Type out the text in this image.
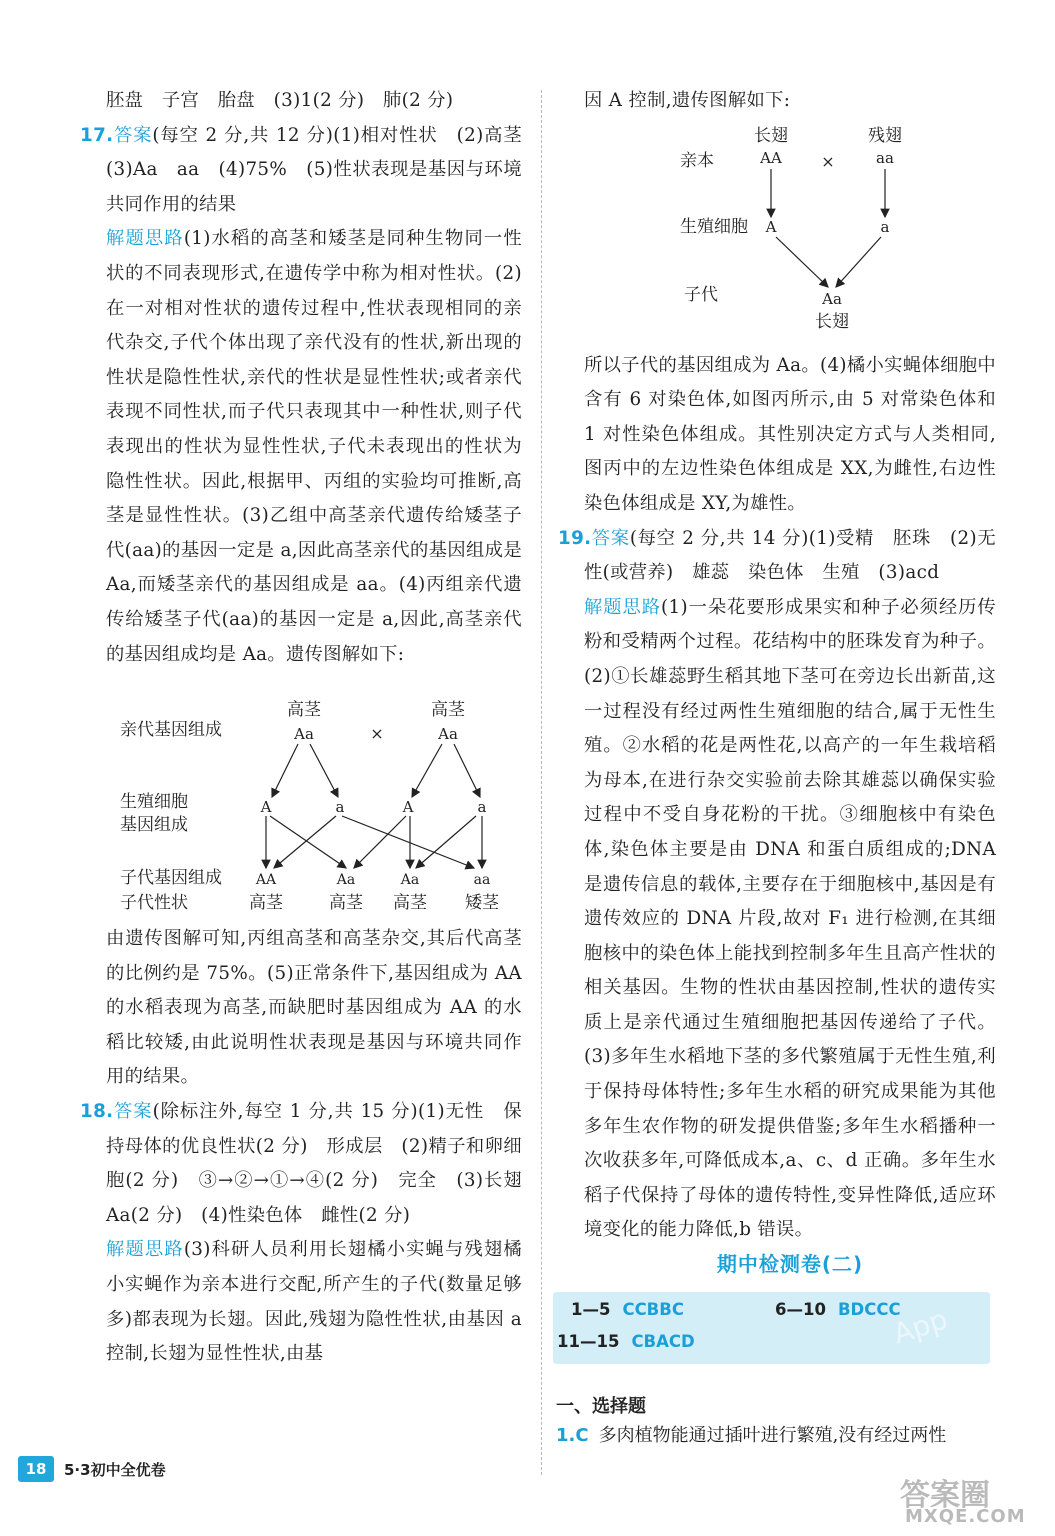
胚盘　子宫　胎盘　(3)1(2 分)　肺(2 分)

17.答案(每空 2 分,共 12 分)(1)相对性状　(2)高茎　(3)Aa　aa　(4)75%　(5)性状表现是基因与环境共同作用的结果

解题思路(1)水稻的高茎和矮茎是同种生物同一性状的不同表现形式,在遗传学中称为相对性状。(2)在一对相对性状的遗传过程中,性状表现相同的亲代杂交,子代个体出现了亲代没有的性状,新出现的性状是隐性性状,亲代的性状是显性性状;或者亲代表现不同性状,而子代只表现其中一种性状,则子代表现出的性状为显性性状,子代未表现出的性状为隐性性状。因此,根据甲、丙组的实验均可推断,高茎是显性性状。(3)乙组中高茎亲代遗传给矮茎子代(aa)的基因一定是 a,因此高茎亲代的基因组成是 Aa,而矮茎亲代的基因组成是 aa。(4)丙组亲代遗传给矮茎子代(aa)的基因一定是 a,因此,高茎亲代的基因组成均是 Aa。遗传图解如下:

亲代基因组成
生殖细胞
基因组成
子代基因组成
子代性状
高茎
Aa	×
高茎
Aa
A	a	A	a
AA	Aa	Aa	aa
高茎	高茎 高茎 矮茎

由遗传图解可知,丙组高茎和高茎杂交,其后代高茎的比例约是 75%。(5)正常条件下,基因组成为 AA 的水稻表现为高茎,而缺肥时基因组成为 AA 的水稻比较矮,由此说明性状表现是基因与环境共同作用的结果。

18.答案(除标注外,每空 1 分,共 15 分)(1)无性　保持母体的优良性状(2 分)　形成层　(2)精子和卵细胞(2 分)　③→②→①→④(2 分)　完全　(3)长翅　Aa(2 分)　(4)性染色体　雌性(2 分)

解题思路(3)科研人员利用长翅橘小实蝇与残翅橘小实蝇作为亲本进行交配,所产生的子代(数量足够多)都表现为长翅。因此,残翅为隐性性状,由基因 a 控制,长翅为显性性状,由基

因 A 控制,遗传图解如下:

亲本
生殖细胞
子代
长翅
AA ×
残翅
aa
A	a
Aa
长翅

所以子代的基因组成为 Aa。(4)橘小实蝇体细胞中含有 6 对染色体,如图丙所示,由 5 对常染色体和 1 对性染色体组成。其性别决定方式与人类相同,图丙中的左边性染色体组成是 XX,为雌性,右边性染色体组成是 XY,为雄性。

19.答案(每空 2 分,共 14 分)(1)受精　胚珠　(2)无性(或营养)　雄蕊　染色体　生殖　(3)acd

解题思路(1)一朵花要形成果实和种子必须经历传粉和受精两个过程。花结构中的胚珠发育为种子。(2)①长雄蕊野生稻其地下茎可在旁边长出新苗,这一过程没有经过两性生殖细胞的结合,属于无性生殖。②水稻的花是两性花,以高产的一年生栽培稻为母本,在进行杂交实验前去除其雄蕊以确保实验过程中不受自身花粉的干扰。③细胞核中有染色体,染色体主要是由 DNA 和蛋白质组成的;DNA 是遗传信息的载体,主要存在于细胞核中,基因是有遗传效应的 DNA 片段,故对 F₁ 进行检测,在其细胞核中的染色体上能找到控制多年生且高产性状的相关基因。生物的性状由基因控制,性状的遗传实质上是亲代通过生殖细胞把基因传递给了子代。(3)多年生水稻地下茎的多代繁殖属于无性生殖,利于保持母体特性;多年生水稻的研究成果能为其他多年生农作物的研发提供借鉴;多年生水稻播种一次收获多年,可降低成本,a、c、d 正确。多年生水稻子代保持了母体的遗传特性,变异性降低,适应环境变化的能力降低,b 错误。

期中检测卷(二)
1—5 CCBBC	6—10 BDCCC
11—15 CBACD	App
一、选择题
1.C 多肉植物能通过插叶进行繁殖,没有经过两性
18 5·3初中全优卷
答案圈
MXQE.COM
